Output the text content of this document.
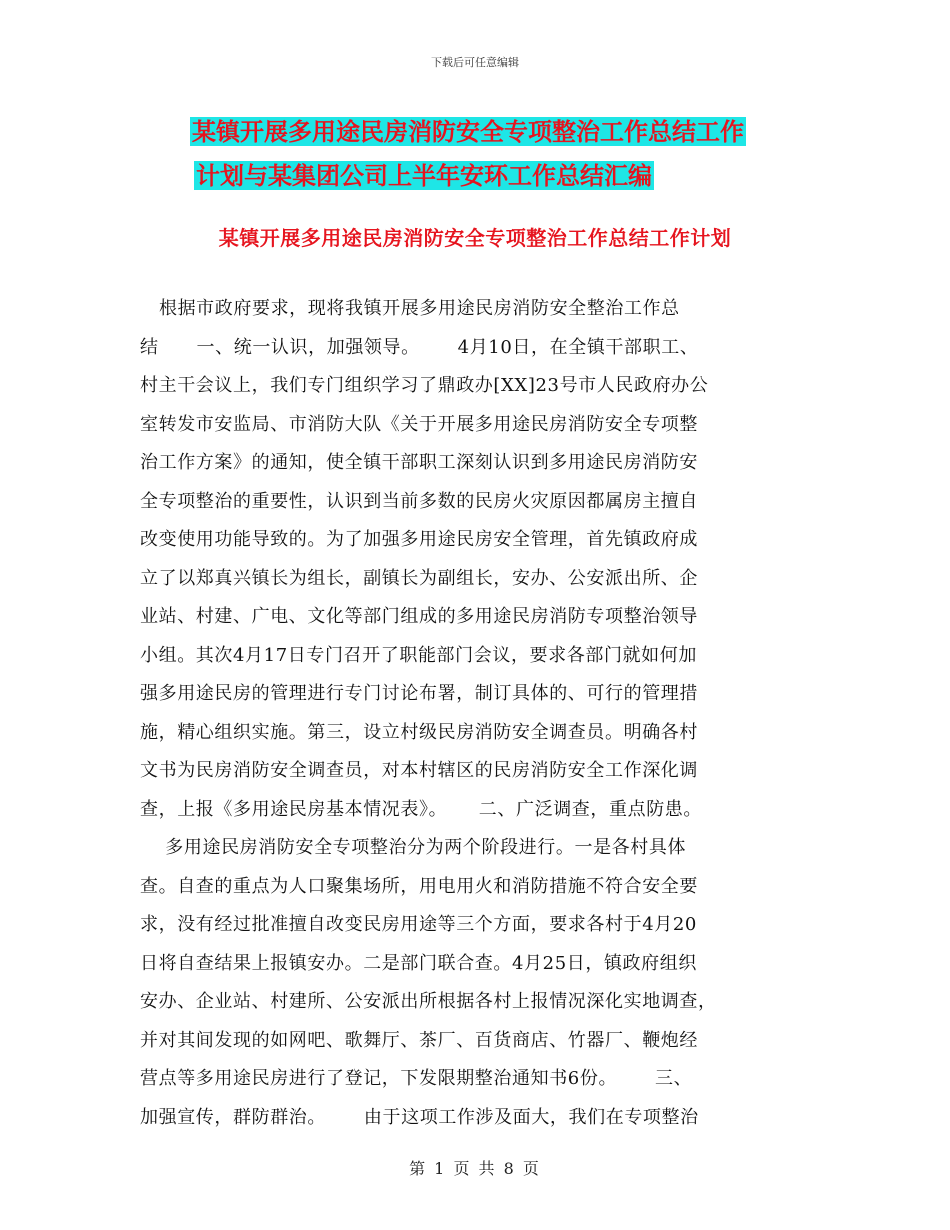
下载后可任意编辑
某镇开展多用途民房消防安全专项整治工作总结工作
计划与某集团公司上半年安环工作总结汇编
某镇开展多用途民房消防安全专项整治工作总结工作计划
根据市政府要求，现将我镇开展多用途民房消防安全整治工作总
结      一、统一认识，加强领导。      4月10日，在全镇干部职工、
村主干会议上，我们专门组织学习了鼎政办[XX]23号市人民政府办公
室转发市安监局、市消防大队《关于开展多用途民房消防安全专项整
治工作方案》的通知，使全镇干部职工深刻认识到多用途民房消防安
全专项整治的重要性，认识到当前多数的民房火灾原因都属房主擅自
改变使用功能导致的。为了加强多用途民房安全管理，首先镇政府成
立了以郑真兴镇长为组长，副镇长为副组长，安办、公安派出所、企
业站、村建、广电、文化等部门组成的多用途民房消防专项整治领导
小组。其次4月17日专门召开了职能部门会议，要求各部门就如何加
强多用途民房的管理进行专门讨论布署，制订具体的、可行的管理措
施，精心组织实施。第三，设立村级民房消防安全调查员。明确各村
文书为民房消防安全调查员，对本村辖区的民房消防安全工作深化调
查，上报《多用途民房基本情况表》。     二、广泛调查，重点防患。
多用途民房消防安全专项整治分为两个阶段进行。一是各村具体
查。自查的重点为人口聚集场所，用电用火和消防措施不符合安全要
求，没有经过批准擅自改变民房用途等三个方面，要求各村于4月20
日将自查结果上报镇安办。二是部门联合查。4月25日，镇政府组织
安办、企业站、村建所、公安派出所根据各村上报情况深化实地调查，
并对其间发现的如网吧、歌舞厅、茶厂、百货商店、竹器厂、鞭炮经
营点等多用途民房进行了登记，下发限期整治通知书6份。      三、
加强宣传，群防群治。      由于这项工作涉及面大，我们在专项整治
第 1 页 共 8 页
